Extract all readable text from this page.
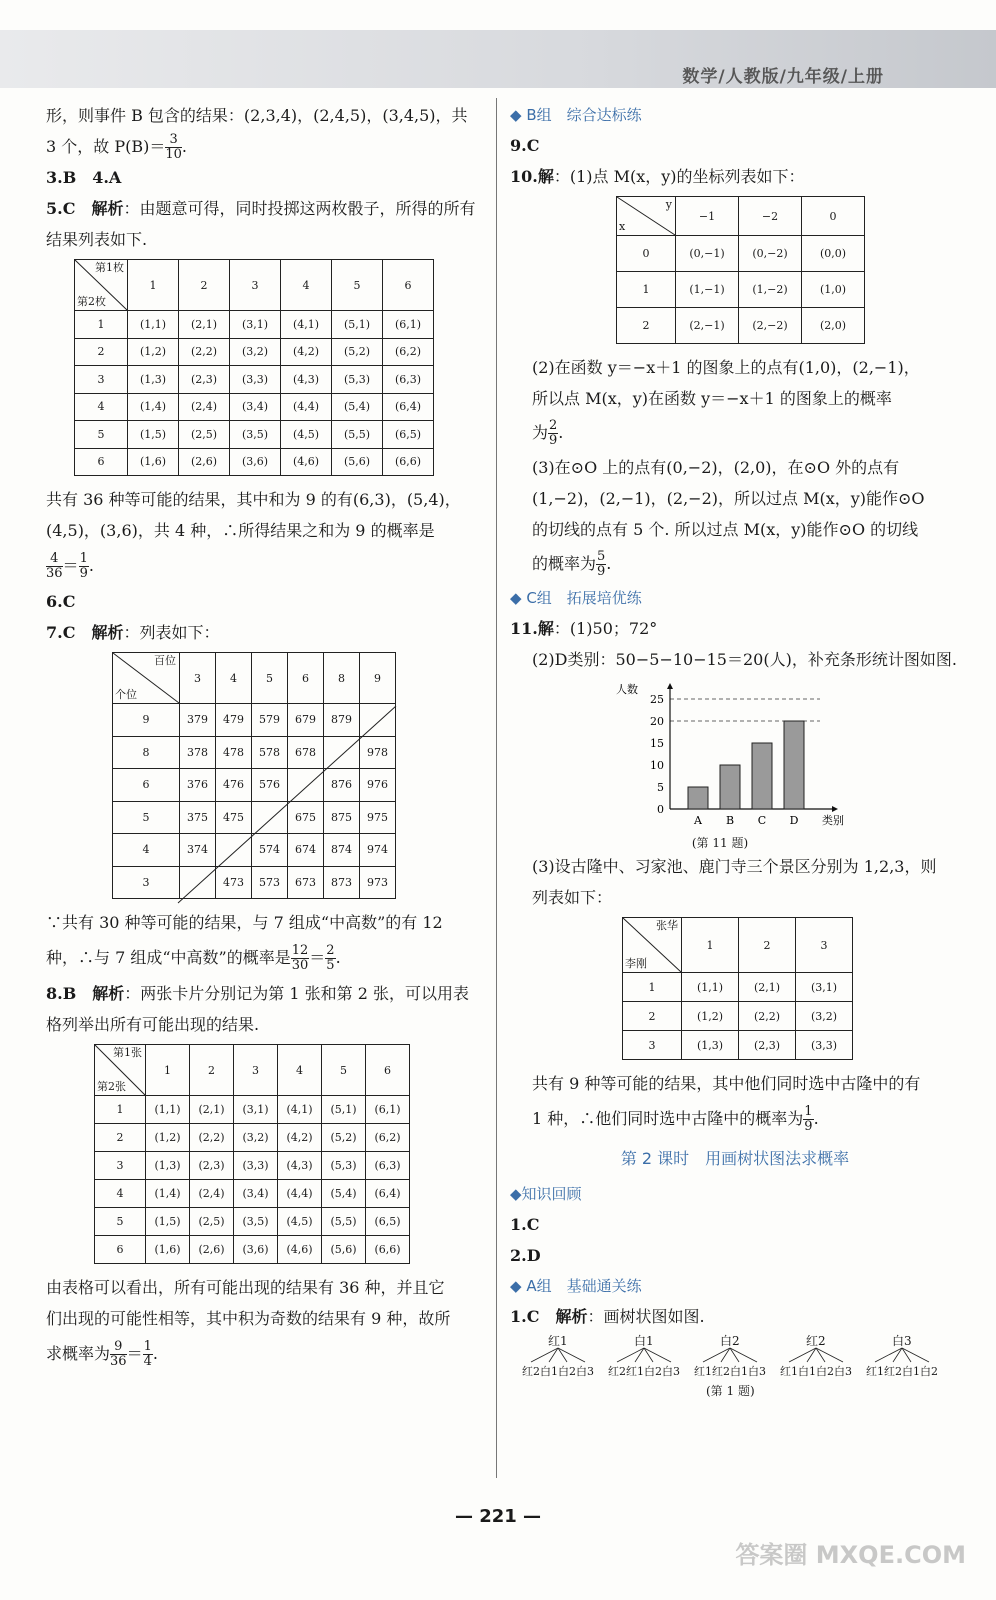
数学/人教版/九年级/上册

形，则事件 B 包含的结果：(2,3,4)，(2,4,5)，(3,4,5)，共

3 个，故 $P(B)= \frac{3}{10}$ .

3.B　4.A

5.C　解析：由题意可得，同时投掷这两枚骰子，所得的所有

结果列表如下.

第1枚
第2枚	1	2	3	4	5	6
1	(1,1)	(2,1)	(3,1)	(4,1)	(5,1)	(6,1)
2	(1,2)	(2,2)	(3,2)	(4,2)	(5,2)	(6,2)
3	(1,3)	(2,3)	(3,3)	(4,3)	(5,3)	(6,3)
4	(1,4)	(2,4)	(3,4)	(4,4)	(5,4)	(6,4)
5	(1,5)	(2,5)	(3,5)	(4,5)	(5,5)	(6,5)
6	(1,6)	(2,6)	(3,6)	(4,6)	(5,6)	(6,6)

共有 36 种等可能的结果，其中和为 9 的有(6,3)，(5,4)，

(4,5)，(3,6)，共 4 种，∴所得结果之和为 9 的概率是

$\frac{4}{36} = \frac{1}{9}$ .

6.C

7.C　解析：列表如下：

百位
个位	3	4	5	6	8	9
9	379	479	579	679	879	
8	378	478	578	678		978
6	376	476	576		876	976
5	375	475		675	875	975
4	374		574	674	874	974
3		473	573	673	873	973

∵共有 30 种等可能的结果，与 7 组成“中高数”的有 12

种，∴与 7 组成“中高数”的概率是 $\frac{12}{30} = \frac{2}{5}$ .

8.B　解析：两张卡片分别记为第 1 张和第 2 张，可以用表

格列举出所有可能出现的结果.

第1张
第2张	1	2	3	4	5	6
1	(1,1)	(2,1)	(3,1)	(4,1)	(5,1)	(6,1)
2	(1,2)	(2,2)	(3,2)	(4,2)	(5,2)	(6,2)
3	(1,3)	(2,3)	(3,3)	(4,3)	(5,3)	(6,3)
4	(1,4)	(2,4)	(3,4)	(4,4)	(5,4)	(6,4)
5	(1,5)	(2,5)	(3,5)	(4,5)	(5,5)	(6,5)
6	(1,6)	(2,6)	(3,6)	(4,6)	(5,6)	(6,6)

由表格可以看出，所有可能出现的结果有 36 种，并且它

们出现的可能性相等，其中积为奇数的结果有 9 种，故所

求概率为 $\frac{9}{36} = \frac{1}{4}$ .

◆ B组　综合达标练

9.C

10.解：(1)点 M(x，y)的坐标列表如下：

y
x	−1	−2	0
0	(0,−1)	(0,−2)	(0,0)
1	(1,−1)	(1,−2)	(1,0)
2	(2,−1)	(2,−2)	(2,0)

(2)在函数 y＝−x＋1 的图象上的点有(1,0)，(2,−1)，

所以点 M(x，y)在函数 y＝−x＋1 的图象上的概率

为 $\frac{2}{9}$ .

(3)在⊙O 上的点有(0,−2)，(2,0)，在⊙O 外的点有

(1,−2)，(2,−1)，(2,−2)，所以过点 M(x，y)能作⊙O

的切线的点有 5 个. 所以过点 M(x，y)能作⊙O 的切线

的概率为 $\frac{5}{9}$ .

◆ C组　拓展培优练

11.解：(1)50；72°

(2)D类别：50−5−10−15＝20(人)，补充条形统计图如图.

0
5
10
15
20
25
人数
A B C D 类别

(第 11 题)

(3)设古隆中、习家池、鹿门寺三个景区分别为 1,2,3，则

列表如下：

张华
李刚	1	2	3
1	(1,1)	(2,1)	(3,1)
2	(1,2)	(2,2)	(3,2)
3	(1,3)	(2,3)	(3,3)

共有 9 种等可能的结果，其中他们同时选中古隆中的有

1 种，∴他们同时选中古隆中的概率为 $\frac{1}{9}$ .

第 2 课时　用画树状图法求概率

◆知识回顾

1.C

2.D

◆ A组　基础通关练

1.C　解析：画树状图如图.

红1
红2 白1 白2 白3
白1
红2 红1 白2 白3
白2
红1 红2 白1 白3
红2
红1 白1 白2 白3
白3
红1 红2 白1 白2
(第 1 题)
— 221 —
答案圈 MXQE.COM
